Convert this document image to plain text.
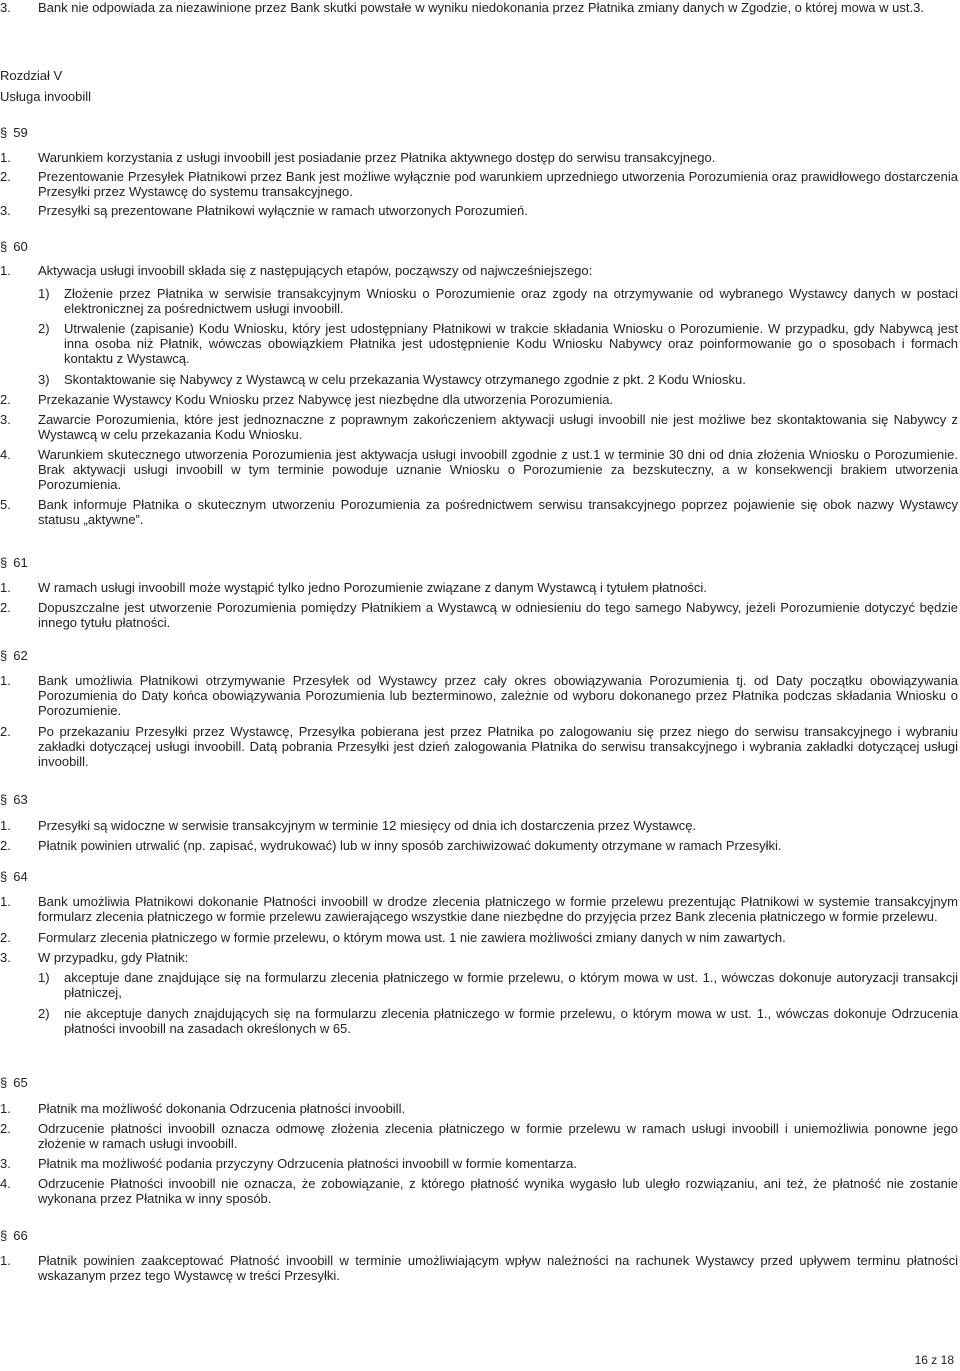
3. Bank nie odpowiada za niezawinione przez Bank skutki powstałe w wyniku niedokonania przez Płatnika zmiany danych w Zgodzie, o której mowa w ust.3.
Rozdział V
Usługa invoobill
§ 59
1. Warunkiem korzystania z usługi invoobill jest posiadanie przez Płatnika aktywnego dostęp do serwisu transakcyjnego.
2. Prezentowanie Przesyłek Płatnikowi przez Bank jest możliwe wyłącznie pod warunkiem uprzedniego utworzenia Porozumienia oraz prawidłowego dostarczenia Przesyłki przez Wystawcę do systemu transakcyjnego.
3. Przesyłki są prezentowane Płatnikowi wyłącznie w ramach utworzonych Porozumień.
§ 60
1. Aktywacja usługi invoobill składa się z następujących etapów, począwszy od najwcześniejszego:
1) Złożenie przez Płatnika w serwisie transakcyjnym Wniosku o Porozumienie oraz zgody na otrzymywanie od wybranego Wystawcy danych w postaci elektronicznej za pośrednictwem usługi invoobill.
2) Utrwalenie (zapisanie) Kodu Wniosku, który jest udostępniany Płatnikowi w trakcie składania Wniosku o Porozumienie. W przypadku, gdy Nabywcą jest inna osoba niż Płatnik, wówczas obowiązkiem Płatnika jest udostępnienie Kodu Wniosku Nabywcy oraz poinformowanie go o sposobach i formach kontaktu z Wystawcą.
3) Skontaktowanie się Nabywcy z Wystawcą w celu przekazania Wystawcy otrzymanego zgodnie z pkt. 2 Kodu Wniosku.
2. Przekazanie Wystawcy Kodu Wniosku przez Nabywcę jest niezbędne dla utworzenia Porozumienia.
3. Zawarcie Porozumienia, które jest jednoznaczne z poprawnym zakończeniem aktywacji usługi invoobill nie jest możliwe bez skontaktowania się Nabywcy z Wystawcą w celu przekazania Kodu Wniosku.
4. Warunkiem skutecznego utworzenia Porozumienia jest aktywacja usługi invoobill zgodnie z ust.1 w terminie 30 dni od dnia złożenia Wniosku o Porozumienie. Brak aktywacji usługi invoobill w tym terminie powoduje uznanie Wniosku o Porozumienie za bezskuteczny, a w konsekwencji brakiem utworzenia Porozumienia.
5. Bank informuje Płatnika o skutecznym utworzeniu Porozumienia za pośrednictwem serwisu transakcyjnego poprzez pojawienie się obok nazwy Wystawcy statusu „aktywne”.
§ 61
1. W ramach usługi invoobill może wystąpić tylko jedno Porozumienie związane z danym Wystawcą i tytułem płatności.
2. Dopuszczalne jest utworzenie Porozumienia pomiędzy Płatnikiem a Wystawcą w odniesieniu do tego samego Nabywcy, jeżeli Porozumienie dotyczyć będzie innego tytułu płatności.
§ 62
1. Bank umożliwia Płatnikowi otrzymywanie Przesyłek od Wystawcy przez cały okres obowiązywania Porozumienia tj. od Daty początku obowiązywania Porozumienia do Daty końca obowiązywania Porozumienia lub bezterminowo, zależnie od wyboru dokonanego przez Płatnika podczas składania Wniosku o Porozumienie.
2. Po przekazaniu Przesyłki przez Wystawcę, Przesyłka pobierana jest przez Płatnika po zalogowaniu się przez niego do serwisu transakcyjnego i wybraniu zakładki dotyczącej usługi invoobill. Datą pobrania Przesyłki jest dzień zalogowania Płatnika do serwisu transakcyjnego i wybrania zakładki dotyczącej usługi invoobill.
§ 63
1. Przesyłki są widoczne w serwisie transakcyjnym w terminie 12 miesięcy od dnia ich dostarczenia przez Wystawcę.
2. Płatnik powinien utrwalić (np. zapisać, wydrukować) lub w inny sposób zarchiwizować dokumenty otrzymane w ramach Przesyłki.
§ 64
1. Bank umożliwia Płatnikowi dokonanie Płatności invoobill w drodze zlecenia płatniczego w formie przelewu prezentując Płatnikowi w systemie transakcyjnym formularz zlecenia płatniczego w formie przelewu zawierającego wszystkie dane niezbędne do przyjęcia przez Bank zlecenia płatniczego w formie przelewu.
2. Formularz zlecenia płatniczego w formie przelewu, o którym mowa ust. 1 nie zawiera możliwości zmiany danych w nim zawartych.
3. W przypadku, gdy Płatnik:
1) akceptuje dane znajdujące się na formularzu zlecenia płatniczego w formie przelewu, o którym mowa w ust. 1., wówczas dokonuje autoryzacji transakcji płatniczej,
2) nie akceptuje danych znajdujących się na formularzu zlecenia płatniczego w formie przelewu, o którym mowa w ust. 1., wówczas dokonuje Odrzucenia płatności invoobill na zasadach określonych w 65.
§ 65
1. Płatnik ma możliwość dokonania Odrzucenia płatności invoobill.
2. Odrzucenie płatności invoobill oznacza odmowę złożenia zlecenia płatniczego w formie przelewu w ramach usługi invoobill i uniemożliwia ponowne jego złożenie w ramach usługi invoobill.
3. Płatnik ma możliwość podania przyczyny Odrzucenia płatności invoobill w formie komentarza.
4. Odrzucenie Płatności invoobill nie oznacza, że zobowiązanie, z którego płatność wynika wygasło lub uległo rozwiązaniu, ani też, że płatność nie zostanie wykonana przez Płatnika w inny sposób.
§ 66
1. Płatnik powinien zaakceptować Płatność invoobill w terminie umożliwiającym wpływ należności na rachunek Wystawcy przed upływem terminu płatności wskazanym przez tego Wystawcę w treści Przesyłki.
16 z 18
